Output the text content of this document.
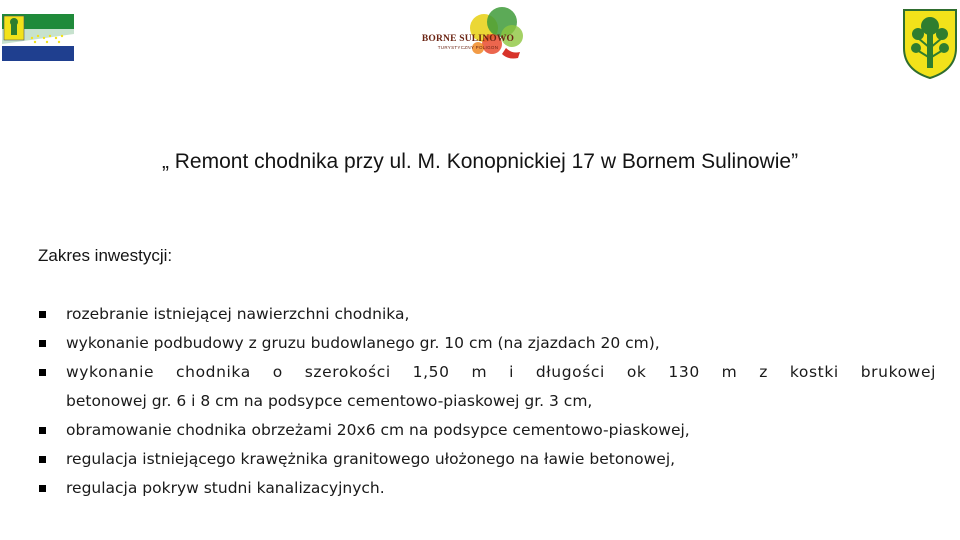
BORNE SULINOWO
TURYSTYCZNY POLIGON
„ Remont chodnika przy ul. M. Konopnickiej 17 w Bornem Sulinowie”
Zakres inwestycji:
rozebranie istniejącej nawierzchni chodnika,
wykonanie podbudowy z gruzu budowlanego gr. 10 cm (na zjazdach 20 cm),
wykonanie chodnika o szerokości 1,50 m i długości ok 130 m z kostki brukowej
betonowej gr. 6 i 8 cm na podsypce cementowo-piaskowej gr. 3 cm,
obramowanie chodnika obrzeżami 20x6 cm na podsypce cementowo-piaskowej,
regulacja istniejącego krawężnika granitowego ułożonego na ławie betonowej,
regulacja pokryw studni kanalizacyjnych.
